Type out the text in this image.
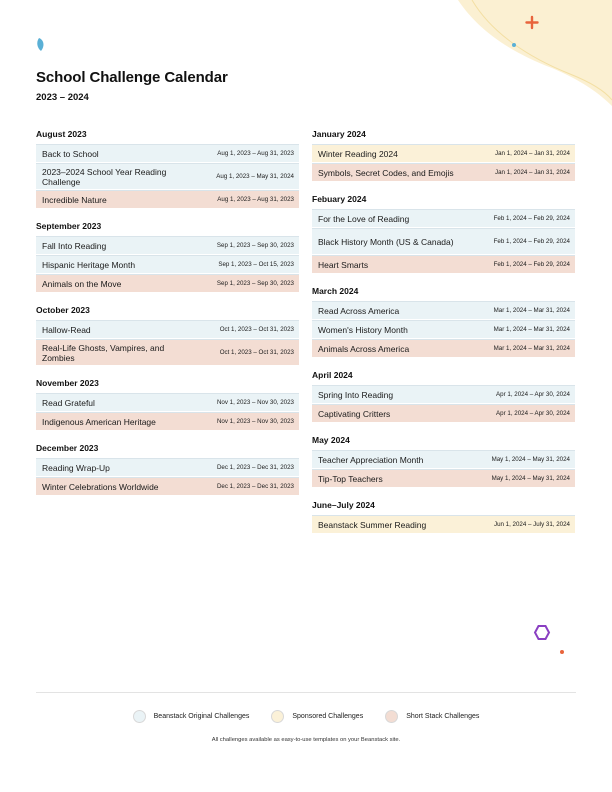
School Challenge Calendar
2023 – 2024
August 2023
Back to School	Aug 1, 2023 – Aug 31, 2023
2023–2024 School Year Reading Challenge	Aug 1, 2023 – May 31, 2024
Incredible Nature	Aug 1, 2023 – Aug 31, 2023
September 2023
Fall Into Reading	Sep 1, 2023 – Sep 30, 2023
Hispanic Heritage Month	Sep 1, 2023 – Oct 15, 2023
Animals on the Move	Sep 1, 2023 – Sep 30, 2023
October 2023
Hallow-Read	Oct 1, 2023 – Oct 31, 2023
Real-Life Ghosts, Vampires, and Zombies	Oct 1, 2023 – Oct 31, 2023
November 2023
Read Grateful	Nov 1, 2023 – Nov 30, 2023
Indigenous American Heritage	Nov 1, 2023 – Nov 30, 2023
December 2023
Reading Wrap-Up	Dec 1, 2023 – Dec 31, 2023
Winter Celebrations Worldwide	Dec 1, 2023 – Dec 31, 2023
January 2024
Winter Reading 2024	Jan 1, 2024 – Jan 31, 2024
Symbols, Secret Codes, and Emojis	Jan 1, 2024 – Jan 31, 2024
Febuary 2024
For the Love of Reading	Feb 1, 2024 – Feb 29, 2024
Black History Month (US & Canada)	Feb 1, 2024 – Feb 29, 2024
Heart Smarts	Feb 1, 2024 – Feb 29, 2024
March 2024
Read Across America	Mar 1, 2024 – Mar 31, 2024
Women's History Month	Mar 1, 2024 – Mar 31, 2024
Animals Across America	Mar 1, 2024 – Mar 31, 2024
April 2024
Spring Into Reading	Apr 1, 2024 – Apr 30, 2024
Captivating Critters	Apr 1, 2024 – Apr 30, 2024
May 2024
Teacher Appreciation Month	May 1, 2024 – May 31, 2024
Tip-Top Teachers	May 1, 2024 – May 31, 2024
June–July 2024
Beanstack Summer Reading	Jun 1, 2024 – July 31, 2024
Beanstack Original Challenges	Sponsored Challenges	Short Stack Challenges
All challenges available as easy-to-use templates on your Beanstack site.
